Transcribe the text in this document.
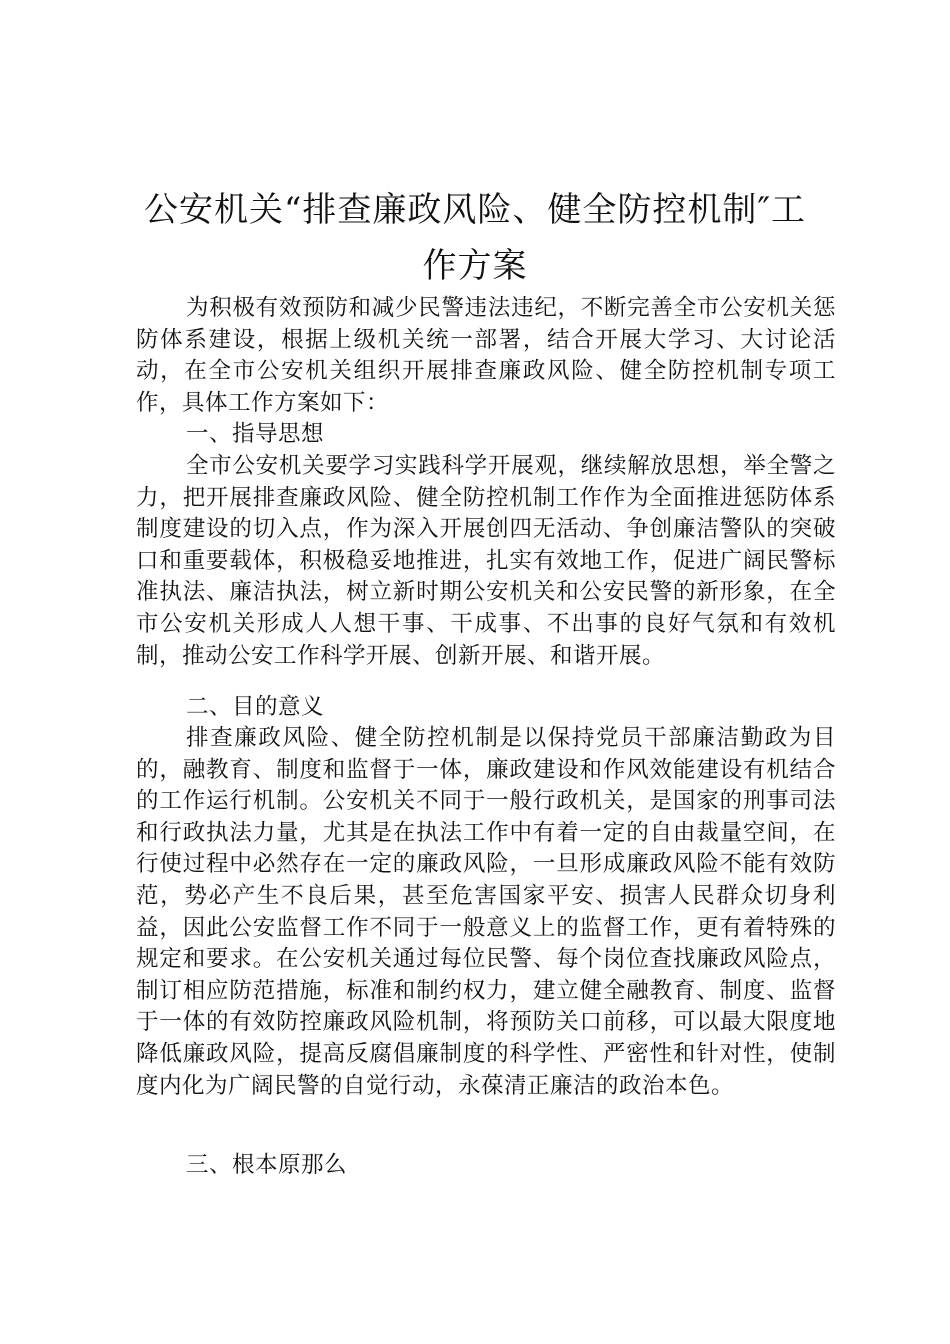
公安机关“排查廉政风险、健全防控机制″工
作方案

为积极有效预防和减少民警违法违纪，不断完善全市公安机关惩防体系建设，根据上级机关统一部署，结合开展大学习、大讨论活动，在全市公安机关组织开展排查廉政风险、健全防控机制专项工作，具体工作方案如下：

一、指导思想

全市公安机关要学习实践科学开展观，继续解放思想，举全警之力，把开展排查廉政风险、健全防控机制工作作为全面推进惩防体系制度建设的切入点，作为深入开展创四无活动、争创廉洁警队的突破口和重要载体，积极稳妥地推进，扎实有效地工作，促进广阔民警标准执法、廉洁执法，树立新时期公安机关和公安民警的新形象，在全市公安机关形成人人想干事、干成事、不出事的良好气氛和有效机制，推动公安工作科学开展、创新开展、和谐开展。

二、目的意义

排查廉政风险、健全防控机制是以保持党员干部廉洁勤政为目的，融教育、制度和监督于一体，廉政建设和作风效能建设有机结合的工作运行机制。公安机关不同于一般行政机关，是国家的刑事司法和行政执法力量，尤其是在执法工作中有着一定的自由裁量空间，在行使过程中必然存在一定的廉政风险，一旦形成廉政风险不能有效防范，势必产生不良后果，甚至危害国家平安、损害人民群众切身利益，因此公安监督工作不同于一般意义上的监督工作，更有着特殊的规定和要求。在公安机关通过每位民警、每个岗位查找廉政风险点，制订相应防范措施，标准和制约权力，建立健全融教育、制度、监督于一体的有效防控廉政风险机制，将预防关口前移，可以最大限度地降低廉政风险，提高反腐倡廉制度的科学性、严密性和针对性，使制度内化为广阔民警的自觉行动，永葆清正廉洁的政治本色。

三、根本原那么
